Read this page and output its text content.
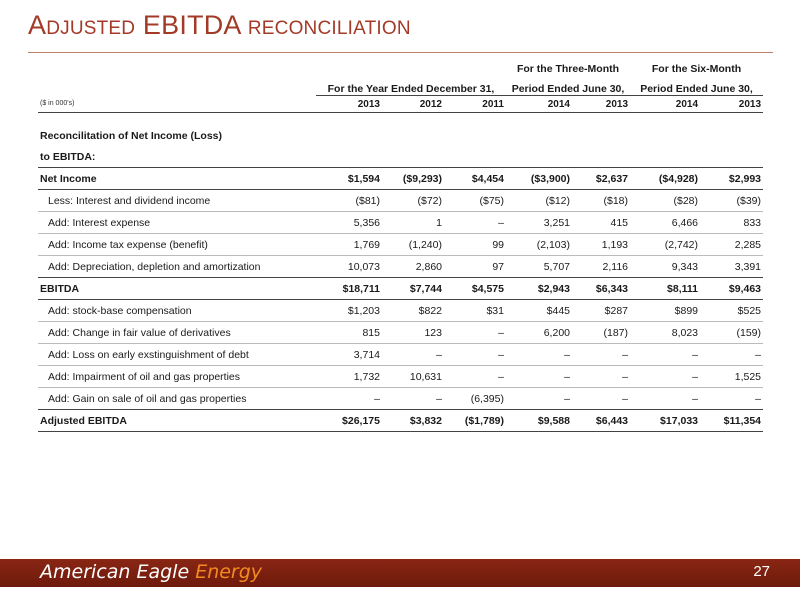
Adjusted EBITDA reconciliation
				For the Three-Month		For the Six-Month	
	For the Year Ended December 31,			Period Ended June 30,		Period Ended June 30,	
($ in 000's)	2013	2012	2011	2014	2013	2014	2013

Reconcilitation of Net Income (Loss)							
to EBITDA:							
Net Income	$1,594	($9,293)	$4,454	($3,900)	$2,637	($4,928)	$2,993
Less: Interest and dividend income	($81)	($72)	($75)	($12)	($18)	($28)	($39)
Add: Interest expense	5,356	1	–	3,251	415	6,466	833
Add: Income tax expense (benefit)	1,769	(1,240)	99	(2,103)	1,193	(2,742)	2,285
Add: Depreciation, depletion and amortization	10,073	2,860	97	5,707	2,116	9,343	3,391
EBITDA	$18,711	$7,744	$4,575	$2,943	$6,343	$8,111	$9,463
Add: stock-base compensation	$1,203	$822	$31	$445	$287	$899	$525
Add: Change in fair value of derivatives	815	123	–	6,200	(187)	8,023	(159)
Add: Loss on early exstinguishment of debt	3,714	–	–	–	–	–	–
Add: Impairment of oil and gas properties	1,732	10,631	–	–	–	–	1,525
Add: Gain on sale of oil and gas properties	–	–	(6,395)	–	–	–	–
Adjusted EBITDA	$26,175	$3,832	($1,789)	$9,588	$6,443	$17,033	$11,354
American Eagle Energy	27
